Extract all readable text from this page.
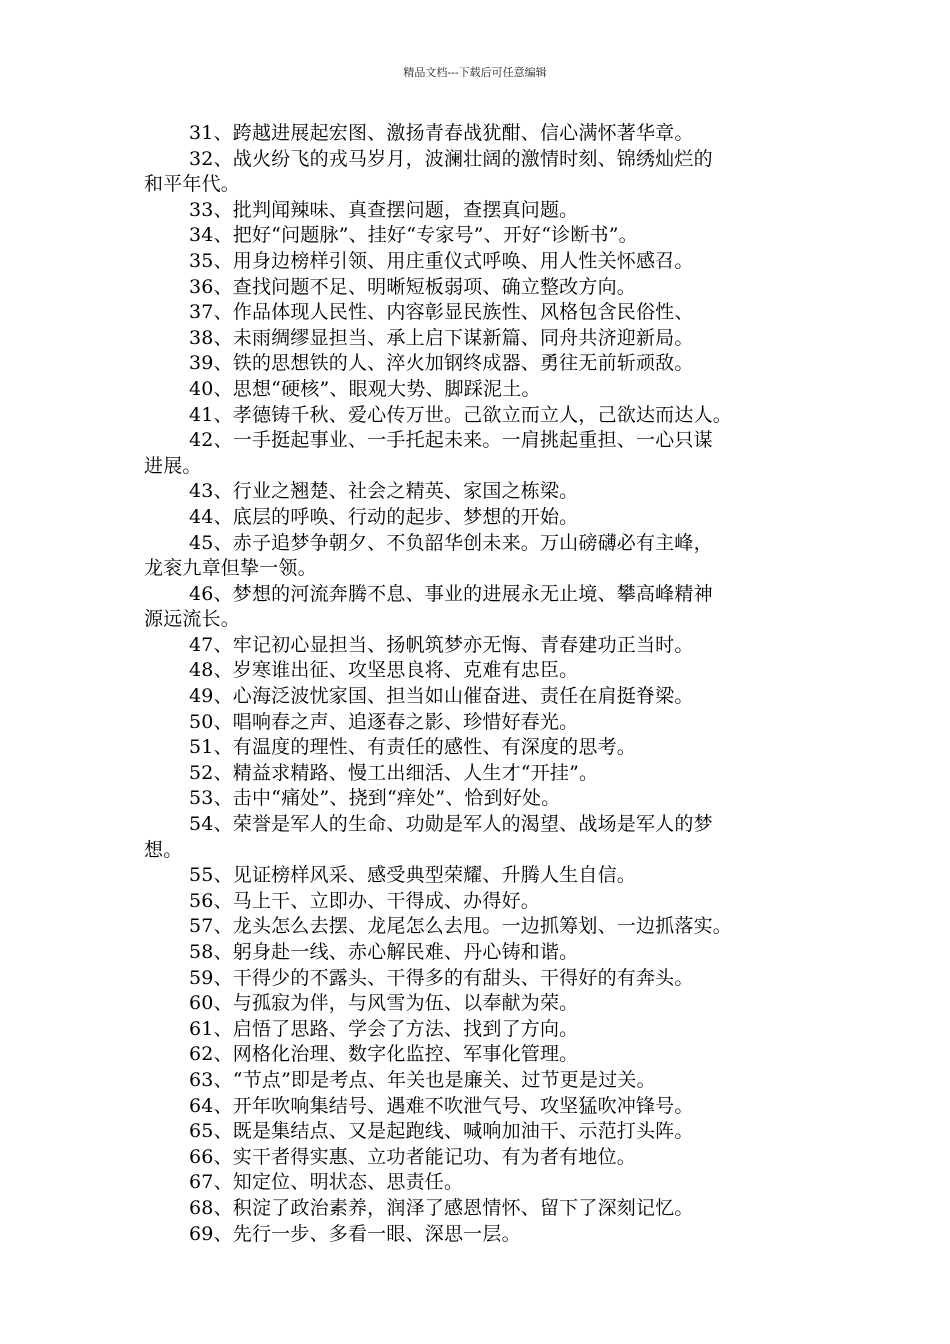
精品文档---下载后可任意编辑
31、跨越进展起宏图、激扬青春战犹酣、信心满怀著华章。
32、战火纷飞的戎马岁月，波澜壮阔的激情时刻、锦绣灿烂的
和平年代。
33、批判闻辣味、真查摆问题，查摆真问题。
34、把好“问题脉”、挂好“专家号”、开好“诊断书”。
35、用身边榜样引领、用庄重仪式呼唤、用人性关怀感召。
36、查找问题不足、明晰短板弱项、确立整改方向。
37、作品体现人民性、内容彰显民族性、风格包含民俗性、
38、未雨绸缪显担当、承上启下谋新篇、同舟共济迎新局。
39、铁的思想铁的人、淬火加钢终成器、勇往无前斩顽敌。
40、思想“硬核”、眼观大势、脚踩泥土。
41、孝德铸千秋、爱心传万世。己欲立而立人，己欲达而达人。
42、一手挺起事业、一手托起未来。一肩挑起重担、一心只谋
进展。
43、行业之翘楚、社会之精英、家国之栋梁。
44、底层的呼唤、行动的起步、梦想的开始。
45、赤子追梦争朝夕、不负韶华创未来。万山磅礴必有主峰，
龙衮九章但挚一领。
46、梦想的河流奔腾不息、事业的进展永无止境、攀高峰精神
源远流长。
47、牢记初心显担当、扬帆筑梦亦无悔、青春建功正当时。
48、岁寒谁出征、攻坚思良将、克难有忠臣。
49、心海泛波忧家国、担当如山催奋进、责任在肩挺脊梁。
50、唱响春之声、追逐春之影、珍惜好春光。
51、有温度的理性、有责任的感性、有深度的思考。
52、精益求精路、慢工出细活、人生才“开挂”。
53、击中“痛处”、挠到“痒处”、恰到好处。
54、荣誉是军人的生命、功勋是军人的渴望、战场是军人的梦
想。
55、见证榜样风采、感受典型荣耀、升腾人生自信。
56、马上干、立即办、干得成、办得好。
57、龙头怎么去摆、龙尾怎么去甩。一边抓筹划、一边抓落实。
58、躬身赴一线、赤心解民难、丹心铸和谐。
59、干得少的不露头、干得多的有甜头、干得好的有奔头。
60、与孤寂为伴，与风雪为伍、以奉献为荣。
61、启悟了思路、学会了方法、找到了方向。
62、网格化治理、数字化监控、军事化管理。
63、“节点”即是考点、年关也是廉关、过节更是过关。
64、开年吹响集结号、遇难不吹泄气号、攻坚猛吹冲锋号。
65、既是集结点、又是起跑线、喊响加油干、示范打头阵。
66、实干者得实惠、立功者能记功、有为者有地位。
67、知定位、明状态、思责任。
68、积淀了政治素养，润泽了感恩情怀、留下了深刻记忆。
69、先行一步、多看一眼、深思一层。
